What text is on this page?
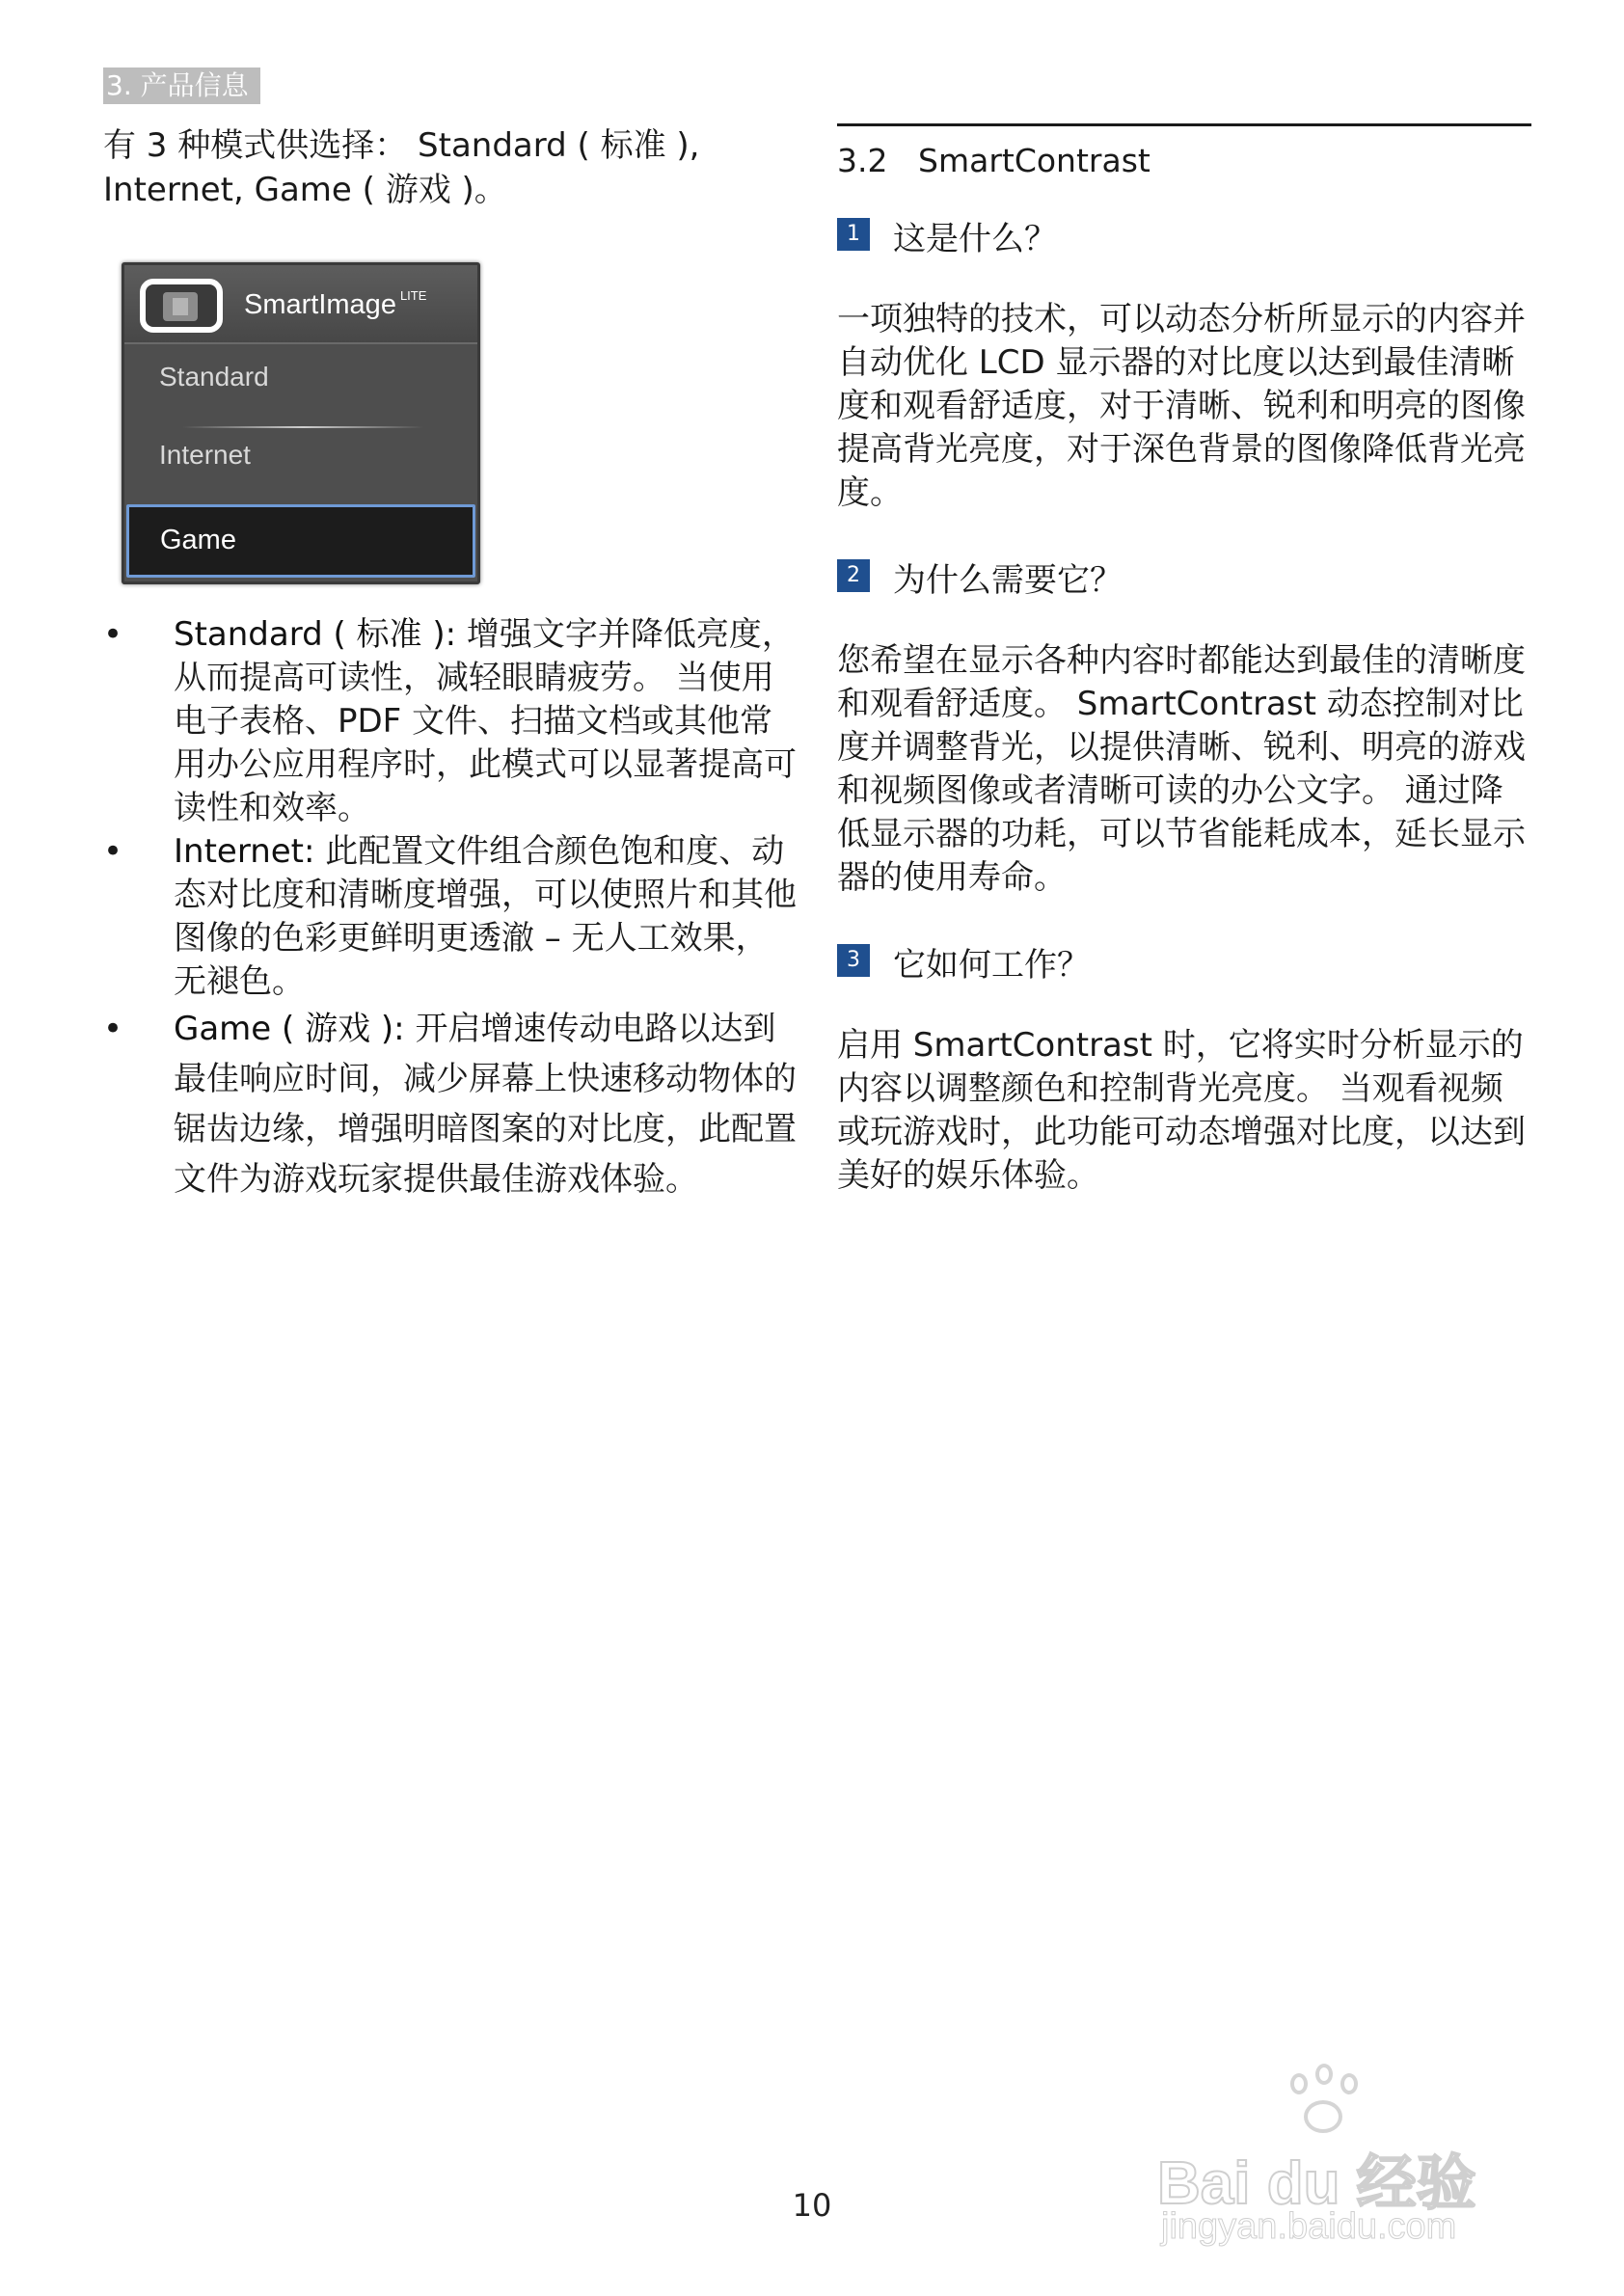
3. 产品信息

有 3 种模式供选择： Standard ( 标准 ), Internet, Game ( 游戏 )。

SmartImage $^{LITE}$
Standard
Internet
Game
• Standard ( 标准 ): 增强文字并降低亮度，从而提高可读性，减轻眼睛疲劳。 当使用电子表格、PDF 文件、扫描文档或其他常用办公应用程序时，此模式可以显著提高可读性和效率。
• Internet: 此配置文件组合颜色饱和度、动态对比度和清晰度增强，可以使照片和其他图像的色彩更鲜明更透澈 – 无人工效果，无褪色。
• Game ( 游戏 ): 开启增速传动电路以达到最佳响应时间，减少屏幕上快速移动物体的锯齿边缘，增强明暗图案的对比度，此配置文件为游戏玩家提供最佳游戏体验。
3.2 SmartContrast
1 这是什么？

一项独特的技术，可以动态分析所显示的内容并自动优化 LCD 显示器的对比度以达到最佳清晰度和观看舒适度，对于清晰、锐利和明亮的图像提高背光亮度，对于深色背景的图像降低背光亮度。

2 为什么需要它？

您希望在显示各种内容时都能达到最佳的清晰度和观看舒适度。 SmartContrast 动态控制对比度并调整背光，以提供清晰、锐利、明亮的游戏和视频图像或者清晰可读的办公文字。 通过降低显示器的功耗，可以节省能耗成本，延长显示器的使用寿命。

3 它如何工作？

启用 SmartContrast 时，它将实时分析显示的内容以调整颜色和控制背光亮度。 当观看视频或玩游戏时，此功能可动态增强对比度，以达到美好的娱乐体验。

10	Bai du 经验
jingyan.baidu.com
